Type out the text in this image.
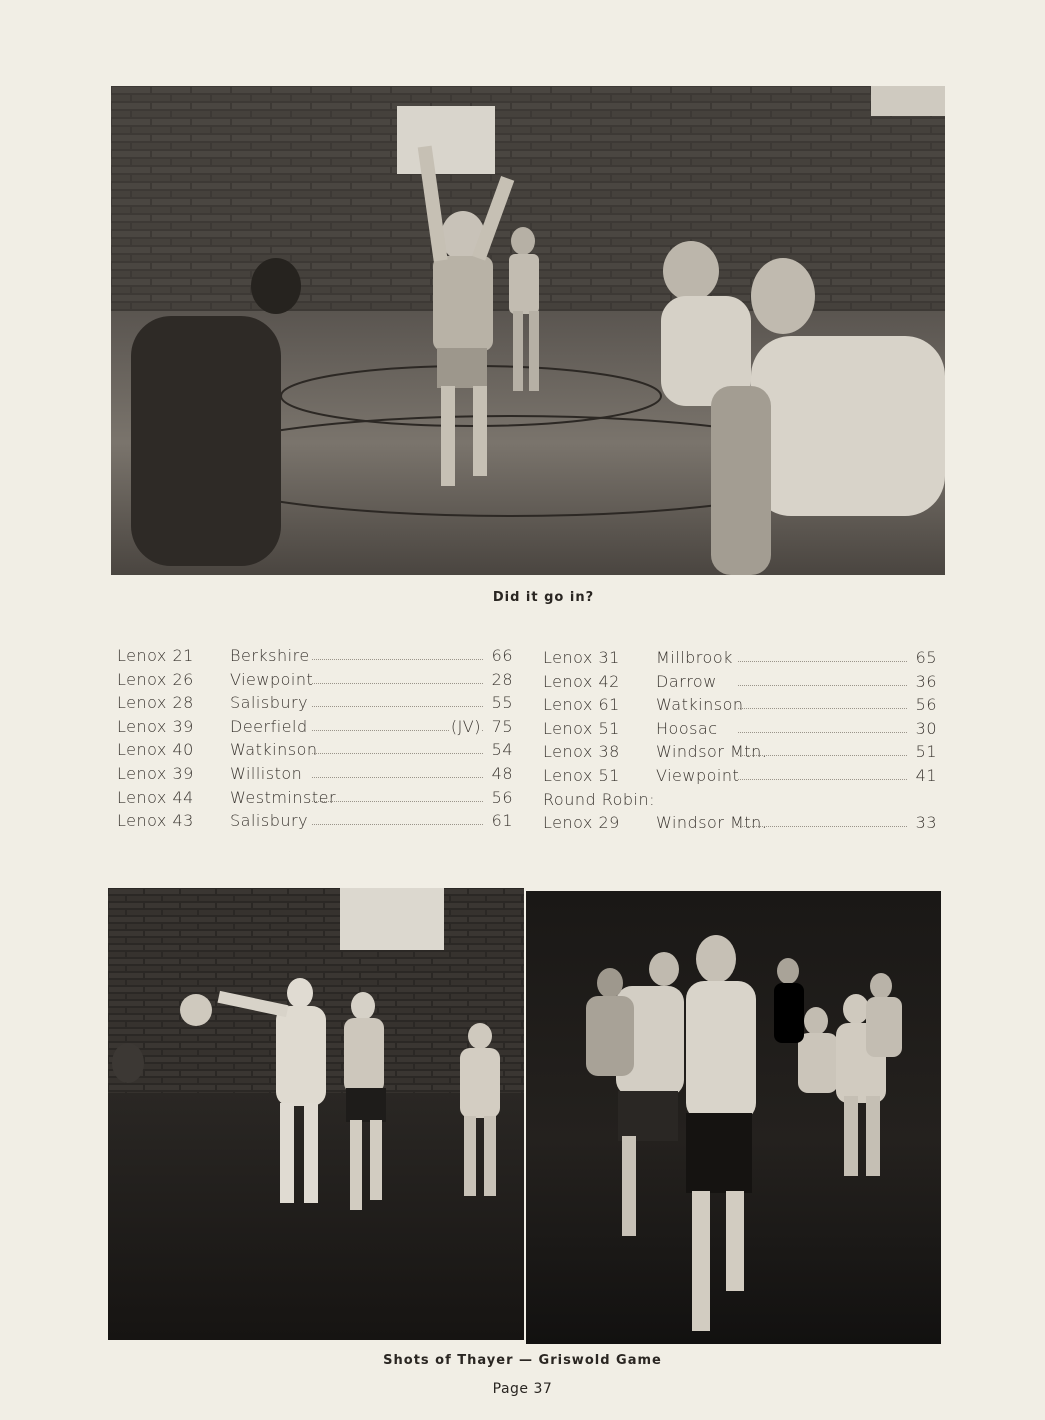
Did it go in?
Lenox 21 Berkshire	66
Lenox 26 Viewpoint	28
Lenox 28 Salisbury	55
Lenox 39 Deerfield	(JV) 75
Lenox 40 Watkinson	54
Lenox 39 Williston	48
Lenox 44 Westminster	56
Lenox 43 Salisbury	61
Lenox 31 Millbrook	65
Lenox 42 Darrow	36
Lenox 61 Watkinson	56
Lenox 51 Hoosac	30
Lenox 38 Windsor Mtn.	51
Lenox 51 Viewpoint	41
Round Robin:
Lenox 29 Windsor Mtn.	33
Shots of Thayer — Griswold Game
Page 37
